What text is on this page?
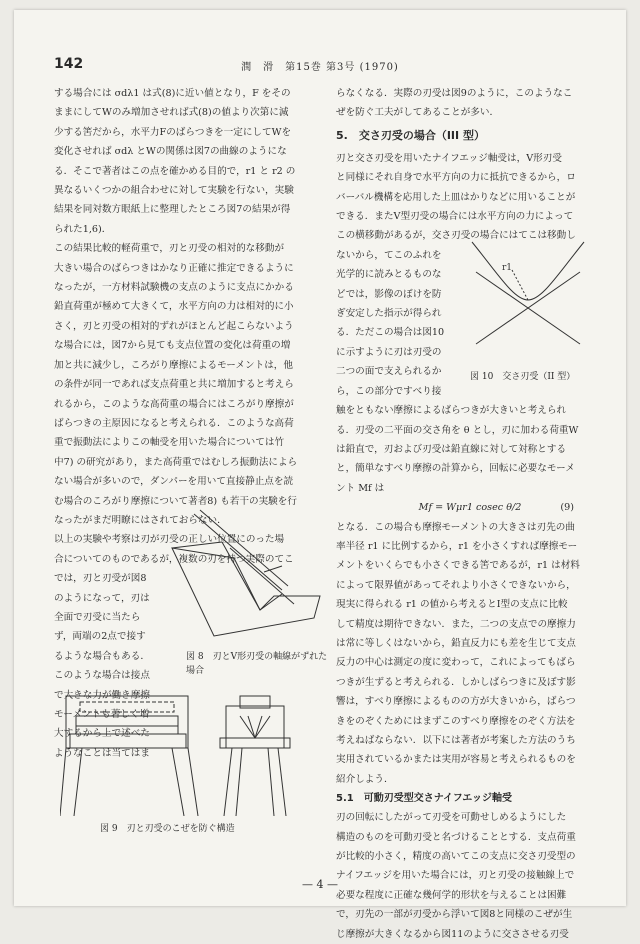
142	潤　滑　第15巻 第3号 (1970)

する場合には σdλ1 は式(8)に近い値となり，F をその

ままにしてWのみ増加させれば式(8)の値より次第に減

少する筈だから，水平力Fのばらつきを一定にしてWを

変化させれば σdλ とWの関係は図7の曲線のようにな

る．そこで著者はこの点を確かめる目的で，r1 と r2 の

異なるいくつかの組合わせに対して実験を行ない，実験

結果を同対数方眼紙上に整理したところ図7の結果が得

られた1,6)．

この結果比較的軽荷重で，刃と刃受の相対的な移動が

大きい場合のばらつきはかなり正確に推定できるように

なったが，一方材料試験機の支点のように支点にかかる

鉛直荷重が極めて大きくて，水平方向の力は相対的に小

さく，刃と刃受の相対的ずれがほとんど起こらないよう

な場合には，図7から見ても支点位置の変化は荷重の増

加と共に減少し，ころがり摩擦によるモーメントは，他

の条件が同一であれば支点荷重と共に増加すると考えら

れるから，このような高荷重の場合にはころがり摩擦が

ばらつきの主原因になると考えられる．このような高荷

重で振動法によりこの軸受を用いた場合については竹

中7) の研究があり，また高荷重ではむしろ振動法によら

ない場合が多いので，ダンパーを用いて直接静止点を読

む場合のころがり摩擦について著者8) も若干の実験を行

なったがまだ明瞭にはされておらない．

以上の実験や考察は刃が刃受の正しい位置にのった場

合についてのものであるが，複数の刃を持つ実際のてこ

では，刃と刃受が図8

のようになって，刃は

全面で刃受に当たら

ず，両端の2点で接す

るような場合もある．

このような場合は接点

で大きな力が働き摩擦

モーメントも著しく増

大するから上で述べた

ようなことは当てはま

図 8　刃とV形刃受の軸線がずれた場合
図 9　刃と刃受のこぜを防ぐ構造

らなくなる．実際の刃受は図9のように，このようなこ

ぜを防ぐ工夫がしてあることが多い．

5.　交さ刃受の場合（III 型）

刃と交さ刃受を用いたナイフエッジ軸受は，V形刃受

と同様にそれ自身で水平方向の力に抵抗できるから，ロ

バーバル機構を応用した上皿はかりなどに用いることが

できる．またV型刃受の場合には水平方向の力によって

この横移動があるが，交さ刃受の場合にはてこは移動し

ないから，てこのふれを

光学的に読みとるものな

どでは，影像のぼけを防

ぎ安定した指示が得られ

る．ただこの場合は図10

に示すように刃は刃受の

二つの面で支えられるか

ら，この部分ですべり接

触をともない摩擦によるばらつきが大きいと考えられ

る．刃受の二平面の交さ角を θ とし，刃に加わる荷重W

は鉛直で，刃および刃受は鉛直線に対して対称とする

と，簡単なすべり摩擦の計算から，回転に必要なモーメ

ント Mf は

Mf = Wμr1 cosec θ/2	(9)

となる．この場合も摩擦モーメントの大きさは刃先の曲

率半径 r1 に比例するから，r1 を小さくすれば摩擦モー

メントをいくらでも小さくできる筈であるが，r1 は材料

によって限界値があってそれより小さくできないから，

現実に得られる r1 の値から考えるとI型の支点に比較

して精度は期待できない．また，二つの支点での摩擦力

は常に等しくはないから，鉛直反力にも差を生じて支点

反力の中心は測定の度に変わって，これによってもばら

つきが生ずると考えられる．しかしばらつきに及ぼす影

響は，すべり摩擦によるものの方が大きいから，ばらつ

きをのぞくためにはまずこのすべり摩擦をのぞく方法を

考えねばならない．以下には著者が考案した方法のうち

実用されているかまたは実用が容易と考えられるものを

紹介しよう．

5.1　可動刃受型交さナイフエッジ軸受

刃の回転にしたがって刃受を可動せしめるようにした

構造のものを可動刃受と名づけることとする．支点荷重

が比較的小さく，精度の高いてこの支点に交さ刃受型の

ナイフエッジを用いた場合には，刃と刃受の接触線上で

必要な程度に正確な幾何学的形状を与えることは困難

で，刃先の一部が刃受から浮いて図8と同様のこぜが生

じ摩擦が大きくなるから図11のように交ささせる刃受

r1
図 10　交さ刃受（II 型）
— 4 —
